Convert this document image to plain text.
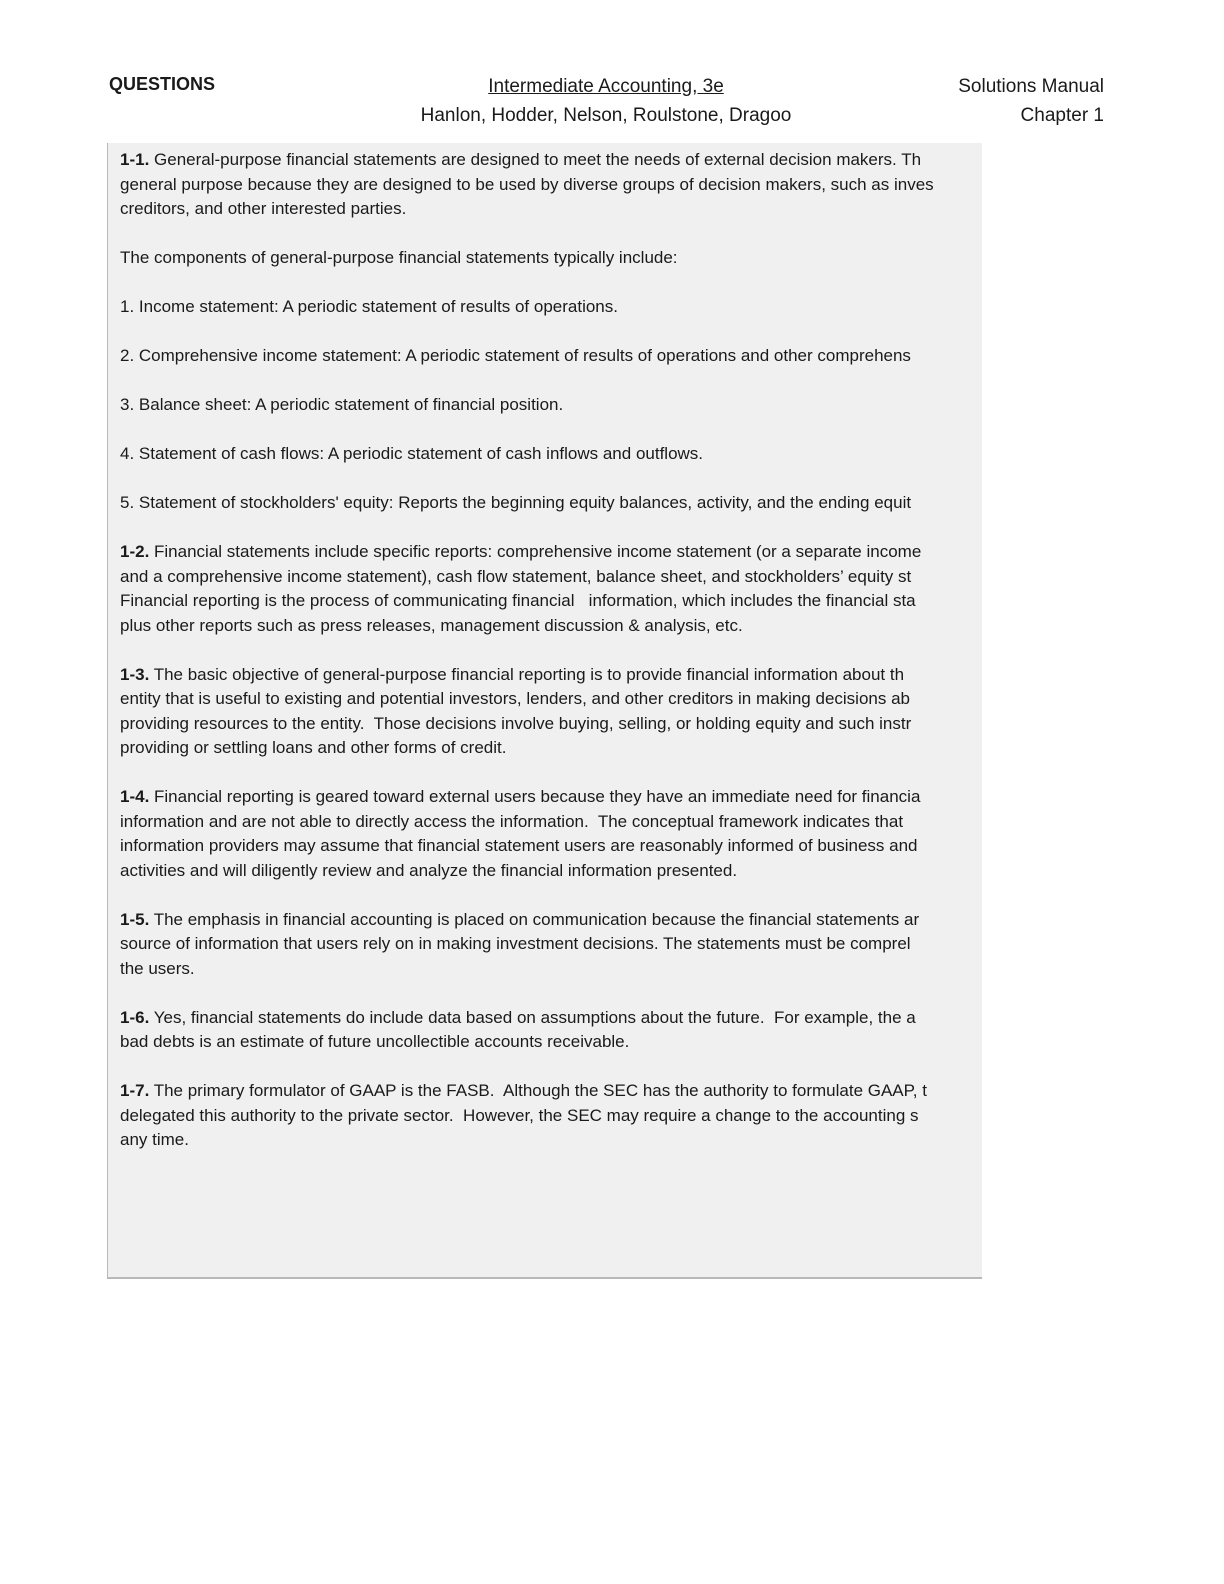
QUESTIONS	Intermediate Accounting, 3e
Hanlon, Hodder, Nelson, Roulstone, Dragoo
Solutions Manual
Chapter 1
1-1. General-purpose financial statements are designed to meet the needs of external decision makers. Th
general purpose because they are designed to be used by diverse groups of decision makers, such as inves
creditors, and other interested parties.
The components of general-purpose financial statements typically include:
1. Income statement: A periodic statement of results of operations.
2. Comprehensive income statement: A periodic statement of results of operations and other comprehens
3. Balance sheet: A periodic statement of financial position.
4. Statement of cash flows: A periodic statement of cash inflows and outflows.
5. Statement of stockholders' equity: Reports the beginning equity balances, activity, and the ending equit
1-2. Financial statements include specific reports: comprehensive income statement (or a separate income
and a comprehensive income statement), cash flow statement, balance sheet, and stockholders’ equity st
Financial reporting is the process of communicating financial   information, which includes the financial sta
plus other reports such as press releases, management discussion & analysis, etc.
1-3. The basic objective of general-purpose financial reporting is to provide financial information about th
entity that is useful to existing and potential investors, lenders, and other creditors in making decisions ab
providing resources to the entity.  Those decisions involve buying, selling, or holding equity and such instr
providing or settling loans and other forms of credit.
1-4. Financial reporting is geared toward external users because they have an immediate need for financia
information and are not able to directly access the information.  The conceptual framework indicates that
information providers may assume that financial statement users are reasonably informed of business and
activities and will diligently review and analyze the financial information presented.
1-5. The emphasis in financial accounting is placed on communication because the financial statements ar
source of information that users rely on in making investment decisions. The statements must be comprel
the users.
1-6. Yes, financial statements do include data based on assumptions about the future.  For example, the a
bad debts is an estimate of future uncollectible accounts receivable.
1-7. The primary formulator of GAAP is the FASB.  Although the SEC has the authority to formulate GAAP, t
delegated this authority to the private sector.  However, the SEC may require a change to the accounting s
any time.
